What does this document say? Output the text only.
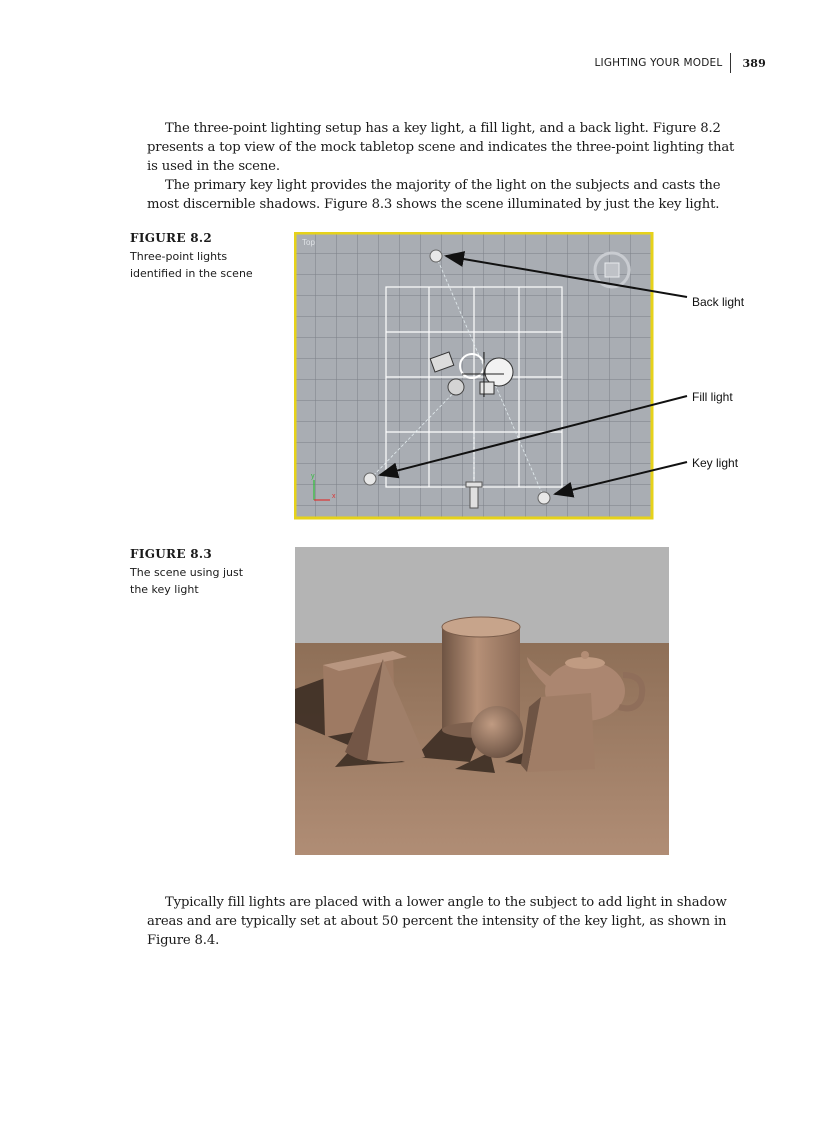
LIGHTING YOUR MODEL	389

The three-point lighting setup has a key light, a fill light, and a back light. Figure 8.2 presents a top view of the mock tabletop scene and indicates the three-point lighting that is used in the scene.

The primary key light provides the majority of the light on the subjects and casts the most discernible shadows. Figure 8.3 shows the scene illuminated by just the key light.

Typically fill lights are placed with a lower angle to the subject to add light in shadow areas and are typically set at about 50 percent the intensity of the key light, as shown in Figure 8.4.

FIGURE 8.2
Three-point lights identified in the scene
Top
x
y
Back light
Fill light
Key light
FIGURE 8.3
The scene using just the key light
